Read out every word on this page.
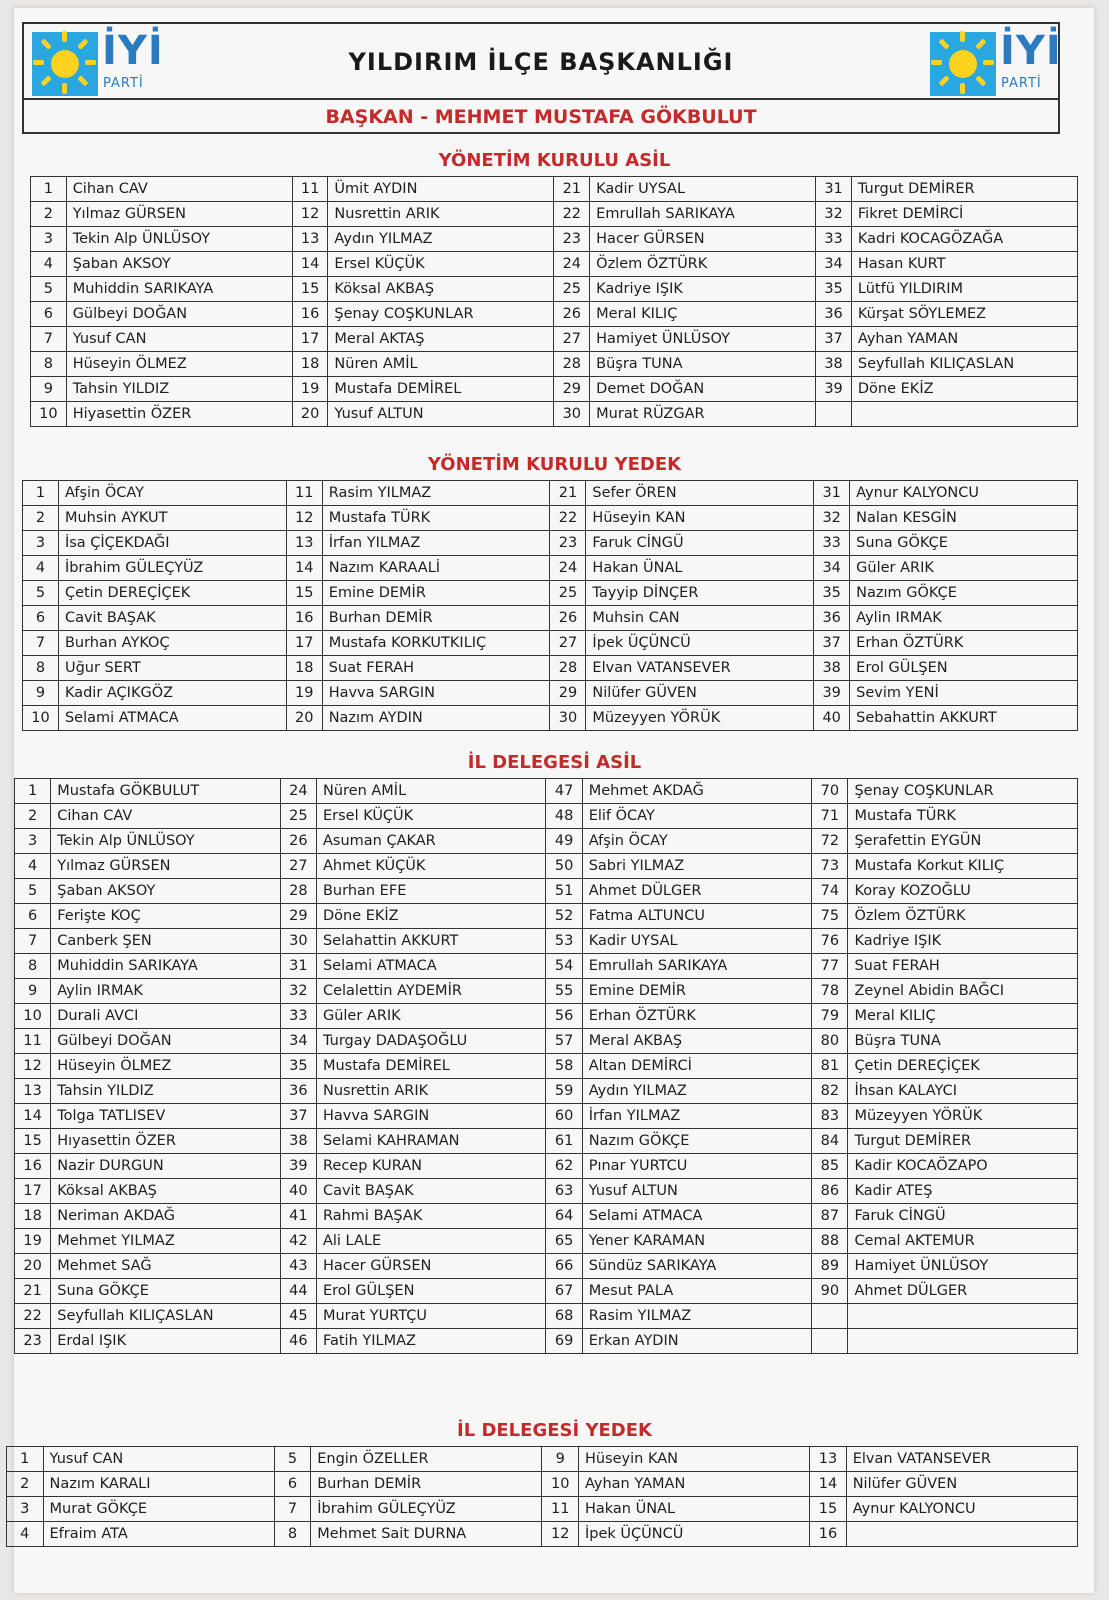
İYİ
PARTİ
YILDIRIM İLÇE BAŞKANLIĞI	İYİ
PARTİ
BAŞKAN - MEHMET MUSTAFA GÖKBULUT
YÖNETİM KURULU ASİL
1	Cihan CAV	11	Ümit AYDIN	21	Kadir UYSAL	31	Turgut DEMİRER
2	Yılmaz GÜRSEN	12	Nusrettin ARIK	22	Emrullah SARIKAYA	32	Fikret DEMİRCİ
3	Tekin Alp ÜNLÜSOY	13	Aydın YILMAZ	23	Hacer GÜRSEN	33	Kadri KOCAGÖZAĞA
4	Şaban AKSOY	14	Ersel KÜÇÜK	24	Özlem ÖZTÜRK	34	Hasan KURT
5	Muhiddin SARIKAYA	15	Köksal AKBAŞ	25	Kadriye IŞIK	35	Lütfü YILDIRIM
6	Gülbeyi DOĞAN	16	Şenay COŞKUNLAR	26	Meral KILIÇ	36	Kürşat SÖYLEMEZ
7	Yusuf CAN	17	Meral AKTAŞ	27	Hamiyet ÜNLÜSOY	37	Ayhan YAMAN
8	Hüseyin ÖLMEZ	18	Nüren AMİL	28	Büşra TUNA	38	Seyfullah KILIÇASLAN
9	Tahsin YILDIZ	19	Mustafa DEMİREL	29	Demet DOĞAN	39	Döne EKİZ
10	Hiyasettin ÖZER	20	Yusuf ALTUN	30	Murat RÜZGAR		
YÖNETİM KURULU YEDEK
1	Afşin ÖCAY	11	Rasim YILMAZ	21	Sefer ÖREN	31	Aynur KALYONCU
2	Muhsin AYKUT	12	Mustafa TÜRK	22	Hüseyin KAN	32	Nalan KESGİN
3	İsa ÇİÇEKDAĞI	13	İrfan YILMAZ	23	Faruk CİNGÜ	33	Suna GÖKÇE
4	İbrahim GÜLEÇYÜZ	14	Nazım KARAALİ	24	Hakan ÜNAL	34	Güler ARIK
5	Çetin DEREÇİÇEK	15	Emine DEMİR	25	Tayyip DİNÇER	35	Nazım GÖKÇE
6	Cavit BAŞAK	16	Burhan DEMİR	26	Muhsin CAN	36	Aylin IRMAK
7	Burhan AYKOÇ	17	Mustafa KORKUTKILIÇ	27	İpek ÜÇÜNCÜ	37	Erhan ÖZTÜRK
8	Uğur SERT	18	Suat FERAH	28	Elvan VATANSEVER	38	Erol GÜLŞEN
9	Kadir AÇIKGÖZ	19	Havva SARGIN	29	Nilüfer GÜVEN	39	Sevim YENİ
10	Selami ATMACA	20	Nazım AYDIN	30	Müzeyyen YÖRÜK	40	Sebahattin AKKURT
İL DELEGESİ ASİL
1	Mustafa GÖKBULUT	24	Nüren AMİL	47	Mehmet AKDAĞ	70	Şenay COŞKUNLAR
2	Cihan CAV	25	Ersel KÜÇÜK	48	Elif ÖCAY	71	Mustafa TÜRK
3	Tekin Alp ÜNLÜSOY	26	Asuman ÇAKAR	49	Afşin ÖCAY	72	Şerafettin EYGÜN
4	Yılmaz GÜRSEN	27	Ahmet KÜÇÜK	50	Sabri YILMAZ	73	Mustafa Korkut KILIÇ
5	Şaban AKSOY	28	Burhan EFE	51	Ahmet DÜLGER	74	Koray KOZOĞLU
6	Ferişte KOÇ	29	Döne EKİZ	52	Fatma ALTUNCU	75	Özlem ÖZTÜRK
7	Canberk ŞEN	30	Selahattin AKKURT	53	Kadir UYSAL	76	Kadriye IŞIK
8	Muhiddin SARIKAYA	31	Selami ATMACA	54	Emrullah SARIKAYA	77	Suat FERAH
9	Aylin IRMAK	32	Celalettin AYDEMİR	55	Emine DEMİR	78	Zeynel Abidin BAĞCI
10	Durali AVCI	33	Güler ARIK	56	Erhan ÖZTÜRK	79	Meral KILIÇ
11	Gülbeyi DOĞAN	34	Turgay DADAŞOĞLU	57	Meral AKBAŞ	80	Büşra TUNA
12	Hüseyin ÖLMEZ	35	Mustafa DEMİREL	58	Altan DEMİRCİ	81	Çetin DEREÇİÇEK
13	Tahsin YILDIZ	36	Nusrettin ARIK	59	Aydın YILMAZ	82	İhsan KALAYCI
14	Tolga TATLISEV	37	Havva SARGIN	60	İrfan YILMAZ	83	Müzeyyen YÖRÜK
15	Hıyasettin ÖZER	38	Selami KAHRAMAN	61	Nazım GÖKÇE	84	Turgut DEMİRER
16	Nazir DURGUN	39	Recep KURAN	62	Pınar YURTCU	85	Kadir KOCAÖZAPO
17	Köksal AKBAŞ	40	Cavit BAŞAK	63	Yusuf ALTUN	86	Kadir ATEŞ
18	Neriman AKDAĞ	41	Rahmi BAŞAK	64	Selami ATMACA	87	Faruk CİNGÜ
19	Mehmet YILMAZ	42	Ali LALE	65	Yener KARAMAN	88	Cemal AKTEMUR
20	Mehmet SAĞ	43	Hacer GÜRSEN	66	Sündüz SARIKAYA	89	Hamiyet ÜNLÜSOY
21	Suna GÖKÇE	44	Erol GÜLŞEN	67	Mesut PALA	90	Ahmet DÜLGER
22	Seyfullah KILIÇASLAN	45	Murat YURTÇU	68	Rasim YILMAZ		
23	Erdal IŞIK	46	Fatih YILMAZ	69	Erkan AYDIN		
İL DELEGESİ YEDEK
1	Yusuf CAN	5	Engin ÖZELLER	9	Hüseyin KAN	13	Elvan VATANSEVER
2	Nazım KARALI	6	Burhan DEMİR	10	Ayhan YAMAN	14	Nilüfer GÜVEN
3	Murat GÖKÇE	7	İbrahim GÜLEÇYÜZ	11	Hakan ÜNAL	15	Aynur KALYONCU
4	Efraim ATA	8	Mehmet Sait DURNA	12	İpek ÜÇÜNCÜ	16	
